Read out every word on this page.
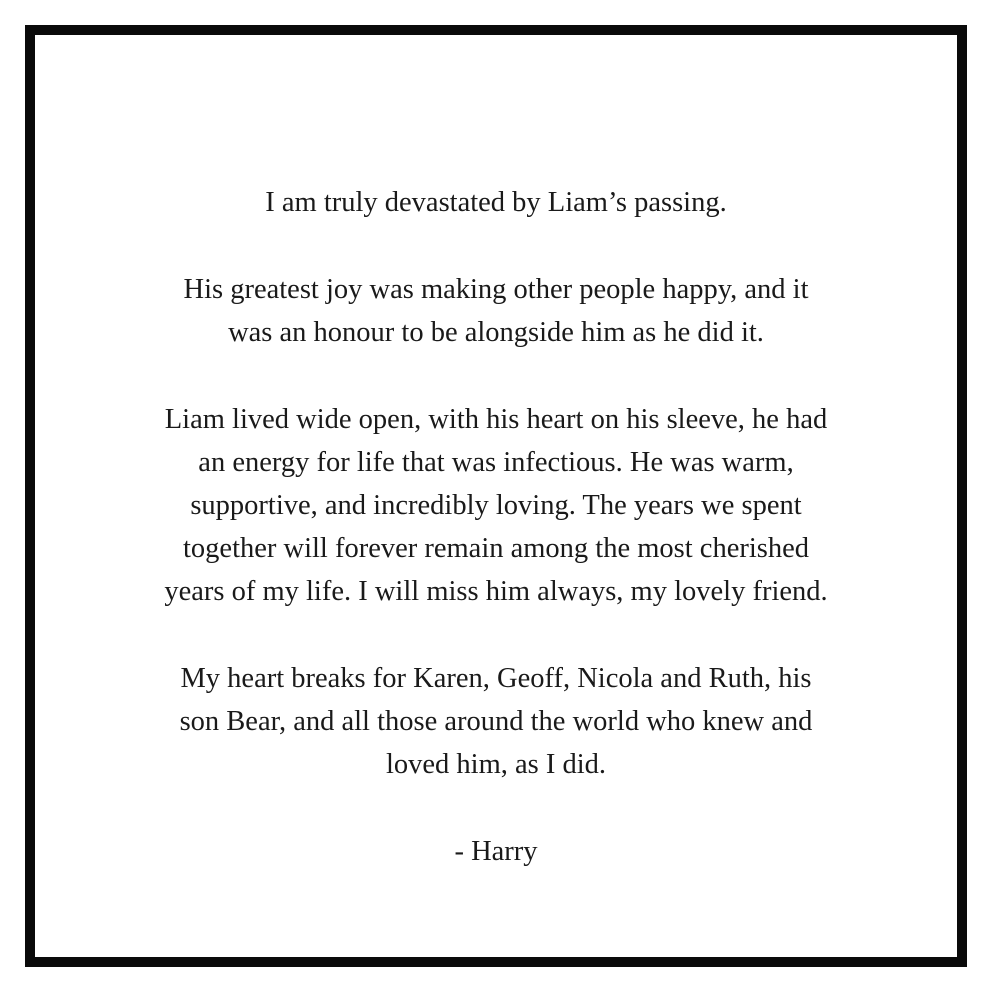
I am truly devastated by Liam’s passing.
His greatest joy was making other people happy, and it
was an honour to be alongside him as he did it.
Liam lived wide open, with his heart on his sleeve, he had
an energy for life that was infectious. He was warm,
supportive, and incredibly loving. The years we spent
together will forever remain among the most cherished
years of my life. I will miss him always, my lovely friend.
My heart breaks for Karen, Geoff, Nicola and Ruth, his
son Bear, and all those around the world who knew and
loved him, as I did.
- Harry
